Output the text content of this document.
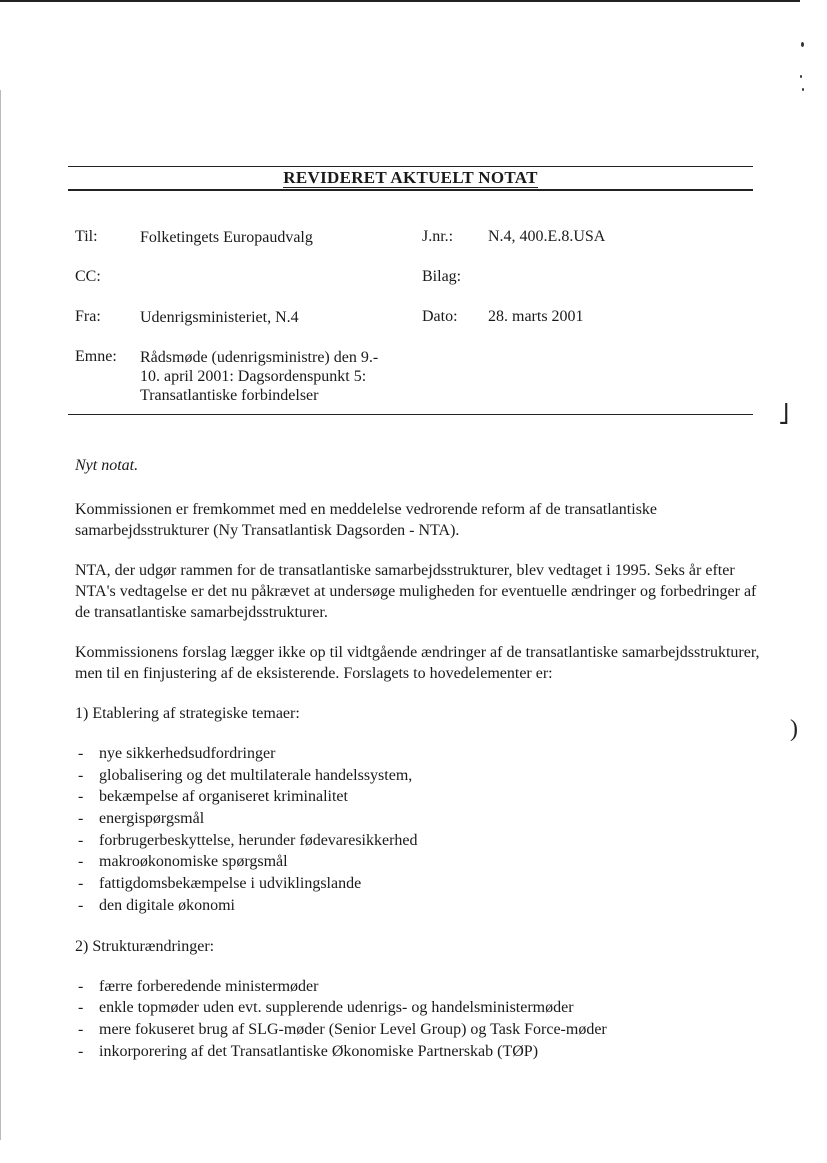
REVIDERET AKTUELT NOTAT
Til:	Folketingets Europaudvalg	J.nr.: N.4, 400.E.8.USA
CC:	Bilag:
Fra: Udenrigsministeriet, N.4	Dato: 28. marts 2001
Emne: Rådsmøde (udenrigsministre) den 9.-
10. april 2001: Dagsordenspunkt 5:
Transatlantiske forbindelser
˩
)

Nyt notat.

Kommissionen er fremkommet med en meddelelse vedrorende reform af de transatlantiske samarbejdsstrukturer (Ny Transatlantisk Dagsorden - NTA).

NTA, der udgør rammen for de transatlantiske samarbejdsstrukturer, blev vedtaget i 1995. Seks år efter NTA's vedtagelse er det nu påkrævet at undersøge muligheden for eventuelle ændringer og forbedringer af de transatlantiske samarbejdsstrukturer.

Kommissionens forslag lægger ikke op til vidtgående ændringer af de transatlantiske samarbejdsstrukturer, men til en finjustering af de eksisterende. Forslagets to hovedelementer er:

1) Etablering af strategiske temaer:

- nye sikkerhedsudfordringer
- globalisering og det multilaterale handelssystem,
- bekæmpelse af organiseret kriminalitet
- energispørgsmål
- forbrugerbeskyttelse, herunder fødevaresikkerhed
- makroøkonomiske spørgsmål
- fattigdomsbekæmpelse i udviklingslande
- den digitale økonomi

2) Strukturændringer:

- færre forberedende ministermøder
- enkle topmøder uden evt. supplerende udenrigs- og handelsministermøder
- mere fokuseret brug af SLG-møder (Senior Level Group) og Task Force-møder
- inkorporering af det Transatlantiske Økonomiske Partnerskab (TØP)
